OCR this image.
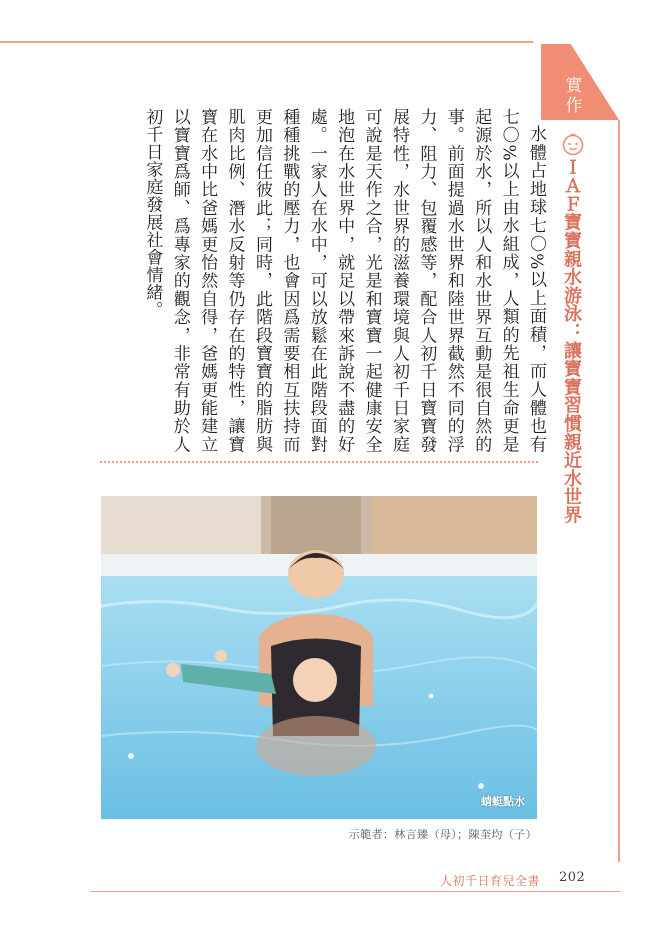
實
作
ＩＡＦ寶寶親水游泳：讓寶寶習慣親近水世界

水體占地球七〇%以上面積，而人體也有七〇%以上由水組成，人類的先祖生命更是起源於水，所以人和水世界互動是很自然的事。前面提過水世界和陸世界截然不同的浮力、阻力、包覆感等，配合人初千日寶寶發展特性，水世界的滋養環境與人初千日家庭可說是天作之合，光是和寶寶一起健康安全地泡在水世界中，就足以帶來訴說不盡的好處。一家人在水中，可以放鬆在此階段面對種種挑戰的壓力，也會因爲需要相互扶持而更加信任彼此；同時，此階段寶寶的脂肪與肌肉比例、潛水反射等仍存在的特性，讓寶寶在水中比爸媽更怡然自得，爸媽更能建立以寶寶爲師、爲專家的觀念，非常有助於人初千日家庭發展社會情緒。

蜻蜓點水
示範者：林言臻（母）；陳奎均（子）
人初千日育兒全書 202
